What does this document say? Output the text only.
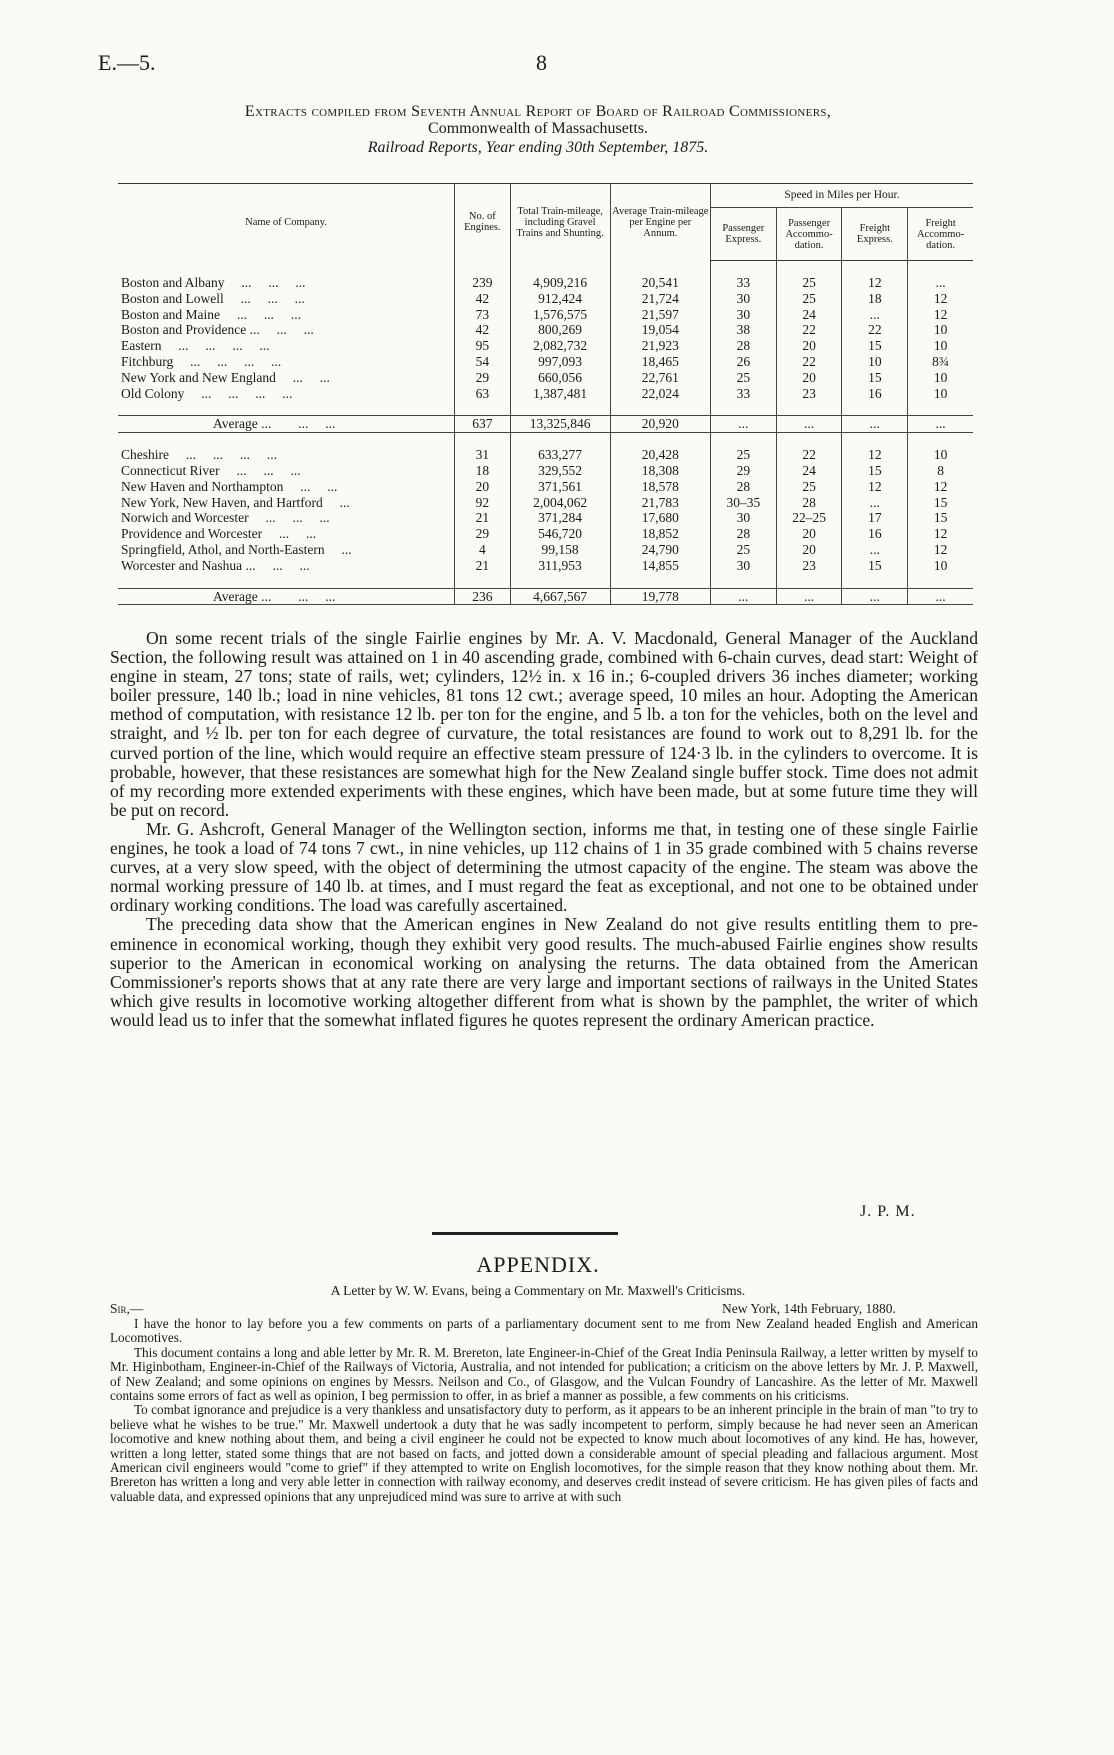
E.—5.	8
Extracts compiled from Seventh Annual Report of Board of Railroad Commissioners,
Commonwealth of Massachusetts.
Railroad Reports, Year ending 30th September, 1875.
Name of Company.	No. of Engines.	Total Train-mileage, including Gravel Trains and Shunting.	Average Train-mileage per Engine per Annum.	Speed in Miles per Hour.			
				Passenger Express.	Passenger Accommo- dation.	Freight Express.	Freight Accommo- dation.

Boston and Albany ...     ...     ...	239	4,909,216	20,541	33	25	12	...
Boston and Lowell ...     ...     ...	42	912,424	21,724	30	25	18	12
Boston and Maine ...     ...     ...	73	1,576,575	21,597	30	24	...	12
Boston and Providence ... ...     ...	42	800,269	19,054	38	22	22	10
Eastern ...     ...     ...     ...	95	2,082,732	21,923	28	20	15	10
Fitchburg ...     ...     ...     ...	54	997,093	18,465	26	22	10	8¾
New York and New England ...     ...	29	660,056	22,761	25	20	15	10
Old Colony ...     ...     ...     ...	63	1,387,481	22,024	33	23	16	10

Average ... ...     ...	637	13,325,846	20,920	...	...	...	...

Cheshire ...     ...     ...     ...	31	633,277	20,428	25	22	12	10
Connecticut River ...     ...     ...	18	329,552	18,308	29	24	15	8
New Haven and Northampton ...     ...	20	371,561	18,578	28	25	12	12
New York, New Haven, and Hartford ...	92	2,004,062	21,783	30–35	28	...	15
Norwich and Worcester ...     ...     ...	21	371,284	17,680	30	22–25	17	15
Providence and Worcester ...     ...	29	546,720	18,852	28	20	16	12
Springfield, Athol, and North-Eastern ...	4	99,158	24,790	25	20	...	12
Worcester and Nashua ... ...     ...	21	311,953	14,855	30	23	15	10

Average ... ...     ...	236	4,667,567	19,778	...	...	...	...

On some recent trials of the single Fairlie engines by Mr. A. V. Macdonald, General Manager of the Auckland Section, the following result was attained on 1 in 40 ascending grade, combined with 6-chain curves, dead start: Weight of engine in steam, 27 tons; state of rails, wet; cylinders, 12½ in. x 16 in.; 6-coupled drivers 36 inches diameter; working boiler pressure, 140 lb.; load in nine vehicles, 81 tons 12 cwt.; average speed, 10 miles an hour. Adopting the American method of computation, with resistance 12 lb. per ton for the engine, and 5 lb. a ton for the vehicles, both on the level and straight, and ½ lb. per ton for each degree of curvature, the total resistances are found to work out to 8,291 lb. for the curved portion of the line, which would require an effective steam pressure of 124·3 lb. in the cylinders to overcome. It is probable, however, that these resistances are somewhat high for the New Zealand single buffer stock. Time does not admit of my recording more extended experiments with these engines, which have been made, but at some future time they will be put on record.

Mr. G. Ashcroft, General Manager of the Wellington section, informs me that, in testing one of these single Fairlie engines, he took a load of 74 tons 7 cwt., in nine vehicles, up 112 chains of 1 in 35 grade combined with 5 chains reverse curves, at a very slow speed, with the object of determining the utmost capacity of the engine. The steam was above the normal working pressure of 140 lb. at times, and I must regard the feat as exceptional, and not one to be obtained under ordinary working conditions. The load was carefully ascertained.

The preceding data show that the American engines in New Zealand do not give results entitling them to pre-eminence in economical working, though they exhibit very good results. The much-abused Fairlie engines show results superior to the American in economical working on analysing the returns. The data obtained from the American Commissioner's reports shows that at any rate there are very large and important sections of railways in the United States which give results in locomotive working altogether different from what is shown by the pamphlet, the writer of which would lead us to infer that the somewhat inflated figures he quotes represent the ordinary American practice.

J. P. M.
APPENDIX.
A Letter by W. W. Evans, being a Commentary on Mr. Maxwell's Criticisms.
Sir,—	New York, 14th February, 1880.

I have the honor to lay before you a few comments on parts of a parliamentary document sent to me from New Zealand headed English and American Locomotives.

This document contains a long and able letter by Mr. R. M. Brereton, late Engineer-in-Chief of the Great India Peninsula Railway, a letter written by myself to Mr. Higinbotham, Engineer-in-Chief of the Railways of Victoria, Australia, and not intended for publication; a criticism on the above letters by Mr. J. P. Maxwell, of New Zealand; and some opinions on engines by Messrs. Neilson and Co., of Glasgow, and the Vulcan Foundry of Lancashire. As the letter of Mr. Maxwell contains some errors of fact as well as opinion, I beg permission to offer, in as brief a manner as possible, a few comments on his criticisms.

To combat ignorance and prejudice is a very thankless and unsatisfactory duty to perform, as it appears to be an inherent principle in the brain of man "to try to believe what he wishes to be true." Mr. Maxwell undertook a duty that he was sadly incompetent to perform, simply because he had never seen an American locomotive and knew nothing about them, and being a civil engineer he could not be expected to know much about locomotives of any kind. He has, however, written a long letter, stated some things that are not based on facts, and jotted down a considerable amount of special pleading and fallacious argument. Most American civil engineers would "come to grief" if they attempted to write on English locomotives, for the simple reason that they know nothing about them. Mr. Brereton has written a long and very able letter in connection with railway economy, and deserves credit instead of severe criticism. He has given piles of facts and valuable data, and expressed opinions that any unprejudiced mind was sure to arrive at with such
